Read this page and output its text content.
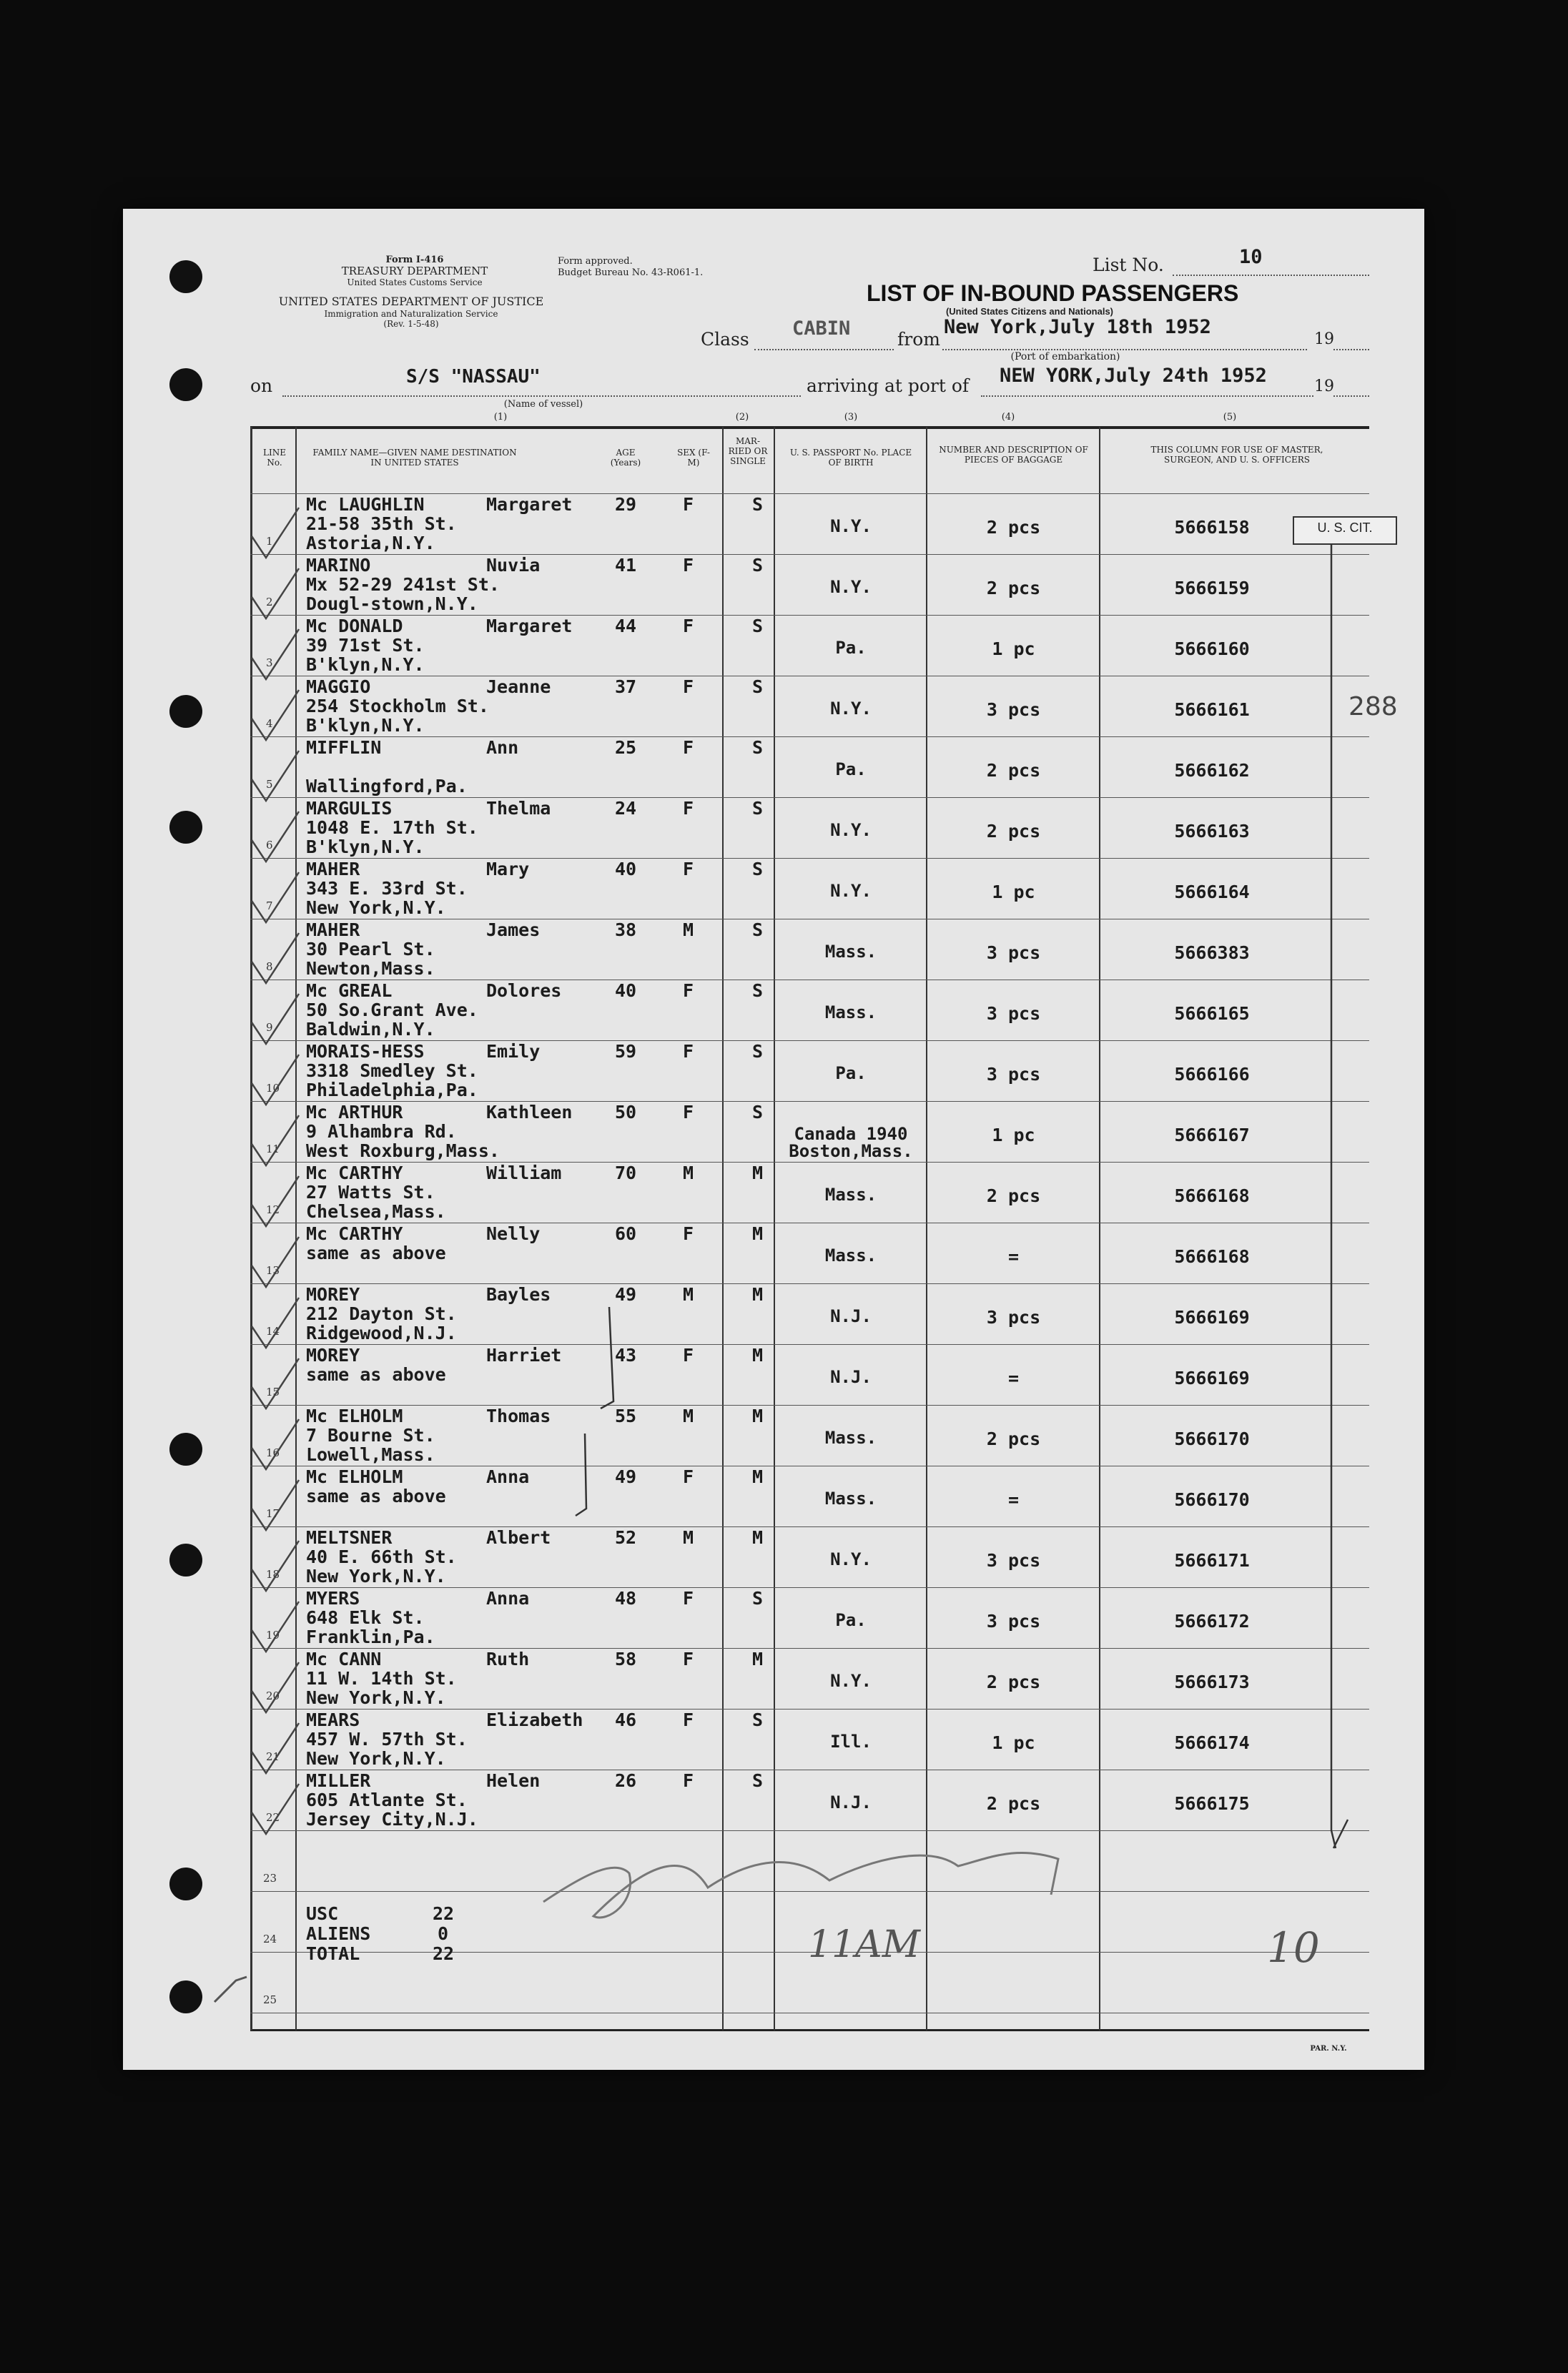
Form I-416
TREASURY DEPARTMENT
United States Customs Service
Form approved.
Budget Bureau No. 43-R061-1.
UNITED STATES DEPARTMENT OF JUSTICE
Immigration and Naturalization Service
(Rev. 1-5-48)
List No.	10
LIST OF IN-BOUND PASSENGERS
(United States Citizens and Nationals)
Class CABIN	from
New York,July 18th 1952
19
(Port of embarkation)
on	S/S "NASSAU"
(Name of vessel)
arriving at port of NEW YORK,July 24th 1952	19
(1)	(2)	(3)	(4)	(5)
LINE No.
FAMILY NAME—GIVEN NAME DESTINATION IN UNITED STATES
AGE (Years)
SEX (F-M)
MAR-RIED OR SINGLE
U. S. PASSPORT No. PLACE OF BIRTH
NUMBER AND DESCRIPTION OF PIECES OF BAGGAGE
THIS COLUMN FOR USE OF MASTER, SURGEON, AND U. S. OFFICERS
1
Mc LAUGHLIN	Margaret
21-58 35th St.
Astoria,N.Y.
29	F	S
N.Y.	2 pcs	5666158
2
MARINO	Nuvia
Mx 52-29 241st St.
Dougl-stown,N.Y.
41	F	S
N.Y.	2 pcs	5666159
3
Mc DONALD	Margaret
39 71st St.
B'klyn,N.Y.
44	F	S
Pa.	1 pc	5666160
4
MAGGIO	Jeanne
254 Stockholm St.
B'klyn,N.Y.
37	F	S
N.Y.	3 pcs	5666161
5
MIFFLIN	Ann
Wallingford,Pa.
25	F	S
Pa.	2 pcs	5666162
6
MARGULIS	Thelma
1048 E. 17th St.
B'klyn,N.Y.
24	F	S
N.Y.	2 pcs	5666163
7
MAHER	Mary
343 E. 33rd St.
New York,N.Y.
40	F	S
N.Y.	1 pc	5666164
8
MAHER	James
30 Pearl St.
Newton,Mass.
38	M	S
Mass.	3 pcs	5666383
9
Mc GREAL	Dolores
50 So.Grant Ave.
Baldwin,N.Y.
40	F	S
Mass.	3 pcs	5666165
10
MORAIS-HESS	Emily
3318 Smedley St.
Philadelphia,Pa.
59	F	S
Pa.	3 pcs	5666166
11
Mc ARTHUR	Kathleen
9 Alhambra Rd.
West Roxburg,Mass.
50	F	S
Canada 1940 Boston,Mass.
1 pc	5666167
12
Mc CARTHY	William
27 Watts St.
Chelsea,Mass.
70	M	M
Mass.	2 pcs	5666168
13
Mc CARTHY	Nelly
same as above
60	F	M
Mass.	=	5666168
14
MOREY	Bayles
212 Dayton St.
Ridgewood,N.J.
49	M	M
N.J.	3 pcs	5666169
15
MOREY	Harriet
same as above
43	F	M
N.J.	=	5666169
16
Mc ELHOLM	Thomas
7 Bourne St.
Lowell,Mass.
55	M	M
Mass.	2 pcs	5666170
17
Mc ELHOLM	Anna
same as above
49	F	M
Mass.	=	5666170
18
MELTSNER	Albert
40 E. 66th St.
New York,N.Y.
52	M	M
N.Y.	3 pcs	5666171
19
MYERS	Anna
648 Elk St.
Franklin,Pa.
48	F	S
Pa.	3 pcs	5666172
20
Mc CANN	Ruth
11 W. 14th St.
New York,N.Y.
58	F	M
N.Y.	2 pcs	5666173
21
MEARS	Elizabeth
457 W. 57th St.
New York,N.Y.
46	F	S
Ill.	1 pc	5666174
22
MILLER	Helen
605 Atlante St.
Jersey City,N.J.
26	F	S
N.J.	2 pcs	5666175
23
24
25
USC	22
ALIENS	0
TOTAL	22
U. S. CIT.
288
11AM	10
PAR. N.Y.
